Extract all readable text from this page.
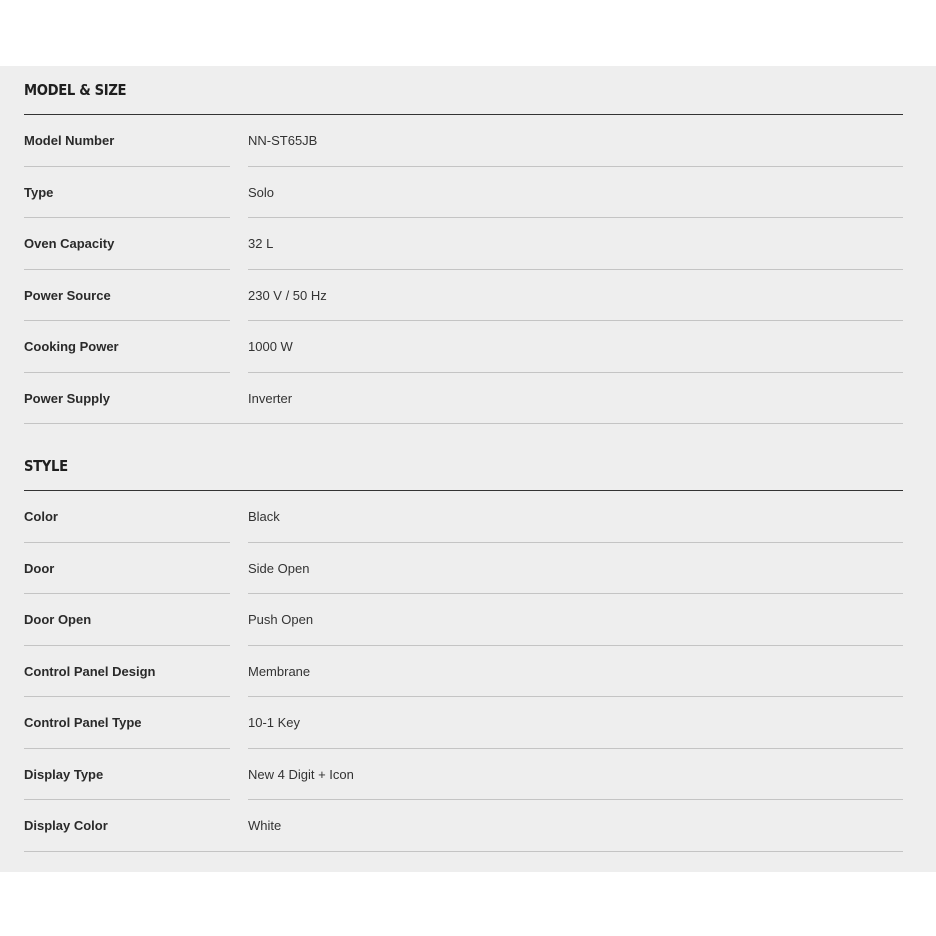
MODEL & SIZE
Model Number	NN-ST65JB
Type	Solo
Oven Capacity	32 L
Power Source	230 V / 50 Hz
Cooking Power	1000 W
Power Supply	Inverter
STYLE
Color	Black
Door	Side Open
Door Open	Push Open
Control Panel Design	Membrane
Control Panel Type	10-1 Key
Display Type	New 4 Digit + Icon
Display Color	White
